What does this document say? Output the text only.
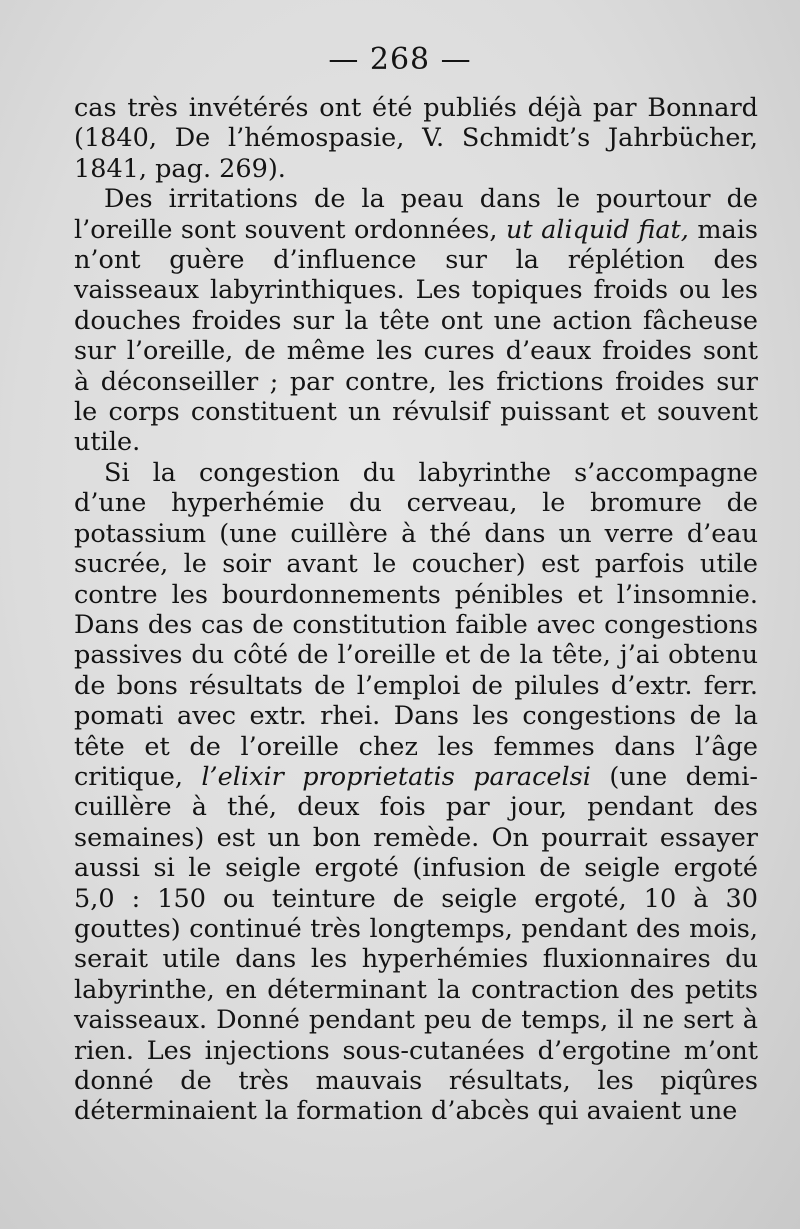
— 268 —

cas très invétérés ont été publiés déjà par Bonnard (1840, De l’hémospasie, V. Schmidt’s Jahrbücher, 1841, pag. 269).

Des irritations de la peau dans le pourtour de l’oreille sont souvent ordonnées, ut aliquid fiat, mais n’ont guère d’influence sur la réplétion des vaisseaux labyrinthiques. Les topiques froids ou les douches froides sur la tête ont une action fâcheuse sur l’oreille, de même les cures d’eaux froides sont à déconseiller ; par contre, les frictions froides sur le corps constituent un révulsif puissant et souvent utile.

Si la congestion du labyrinthe s’accompagne d’une hyperhémie du cerveau, le bromure de potassium (une cuillère à thé dans un verre d’eau sucrée, le soir avant le coucher) est parfois utile contre les bourdonnements pénibles et l’insomnie. Dans des cas de constitution faible avec congestions passives du côté de l’oreille et de la tête, j’ai obtenu de bons résultats de l’emploi de pilules d’extr. ferr. pomati avec extr. rhei. Dans les congestions de la tête et de l’oreille chez les femmes dans l’âge critique, l’elixir proprietatis paracelsi (une demi-cuillère à thé, deux fois par jour, pendant des semaines) est un bon remède. On pourrait essayer aussi si le seigle ergoté (infusion de seigle ergoté 5,0 : 150 ou teinture de seigle ergoté, 10 à 30 gouttes) continué très longtemps, pendant des mois, serait utile dans les hyperhémies fluxionnaires du labyrinthe, en déterminant la contraction des petits vaisseaux. Donné pendant peu de temps, il ne sert à rien. Les injections sous-cutanées d’ergotine m’ont donné de très mauvais résultats, les piqûres déterminaient la formation d’abcès qui avaient une
